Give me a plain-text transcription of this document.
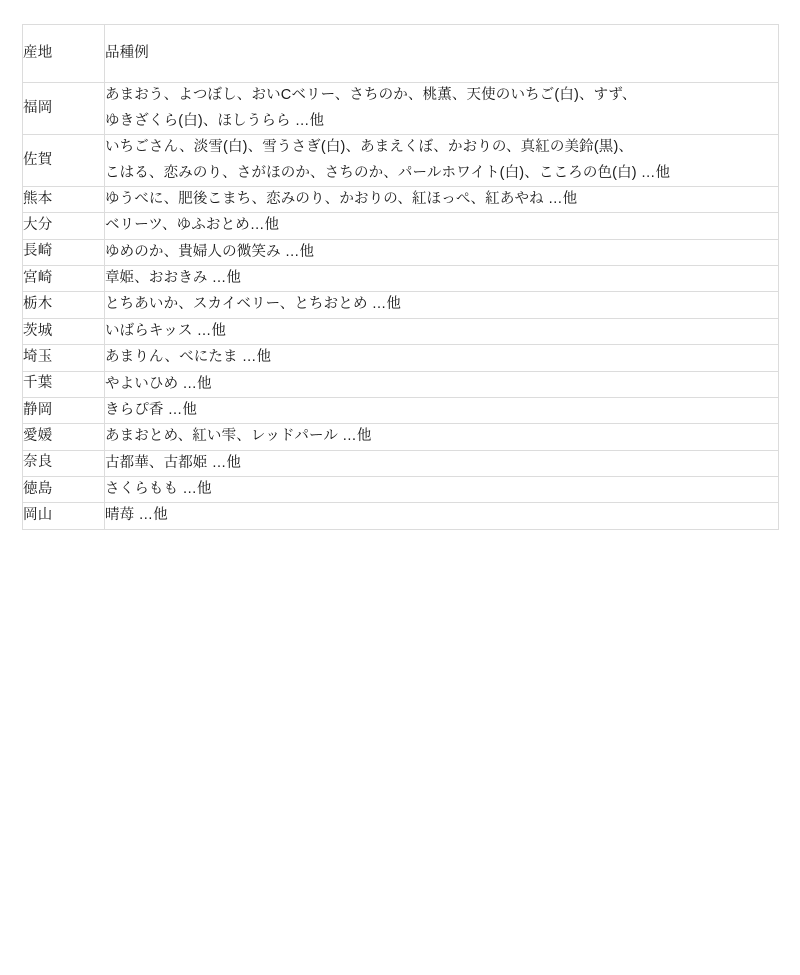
産地	品種例
福岡	あまおう、よつぼし、おいCベリー、さちのか、桃薫、天使のいちご(白)、すず、
ゆきざくら(白)、ほしうらら …他

佐賀	いちごさん、淡雪(白)、雪うさぎ(白)、あまえくぼ、かおりの、真紅の美鈴(黒)、
こはる、恋みのり、さがほのか、さちのか、パールホワイト(白)、こころの色(白) …他

熊本	ゆうべに、肥後こまち、恋みのり、かおりの、紅ほっぺ、紅あやね …他

大分	ベリーツ、ゆふおとめ…他

長崎	ゆめのか、貴婦人の微笑み …他

宮崎	章姫、おおきみ …他

栃木	とちあいか、スカイベリー、とちおとめ …他

茨城	いばらキッス …他

埼玉	あまりん、べにたま …他

千葉	やよいひめ …他

静岡	きらぴ香 …他

愛媛	あまおとめ、紅い雫、レッドパール …他

奈良	古都華、古都姫 …他

徳島	さくらもも …他

岡山	晴苺 …他
